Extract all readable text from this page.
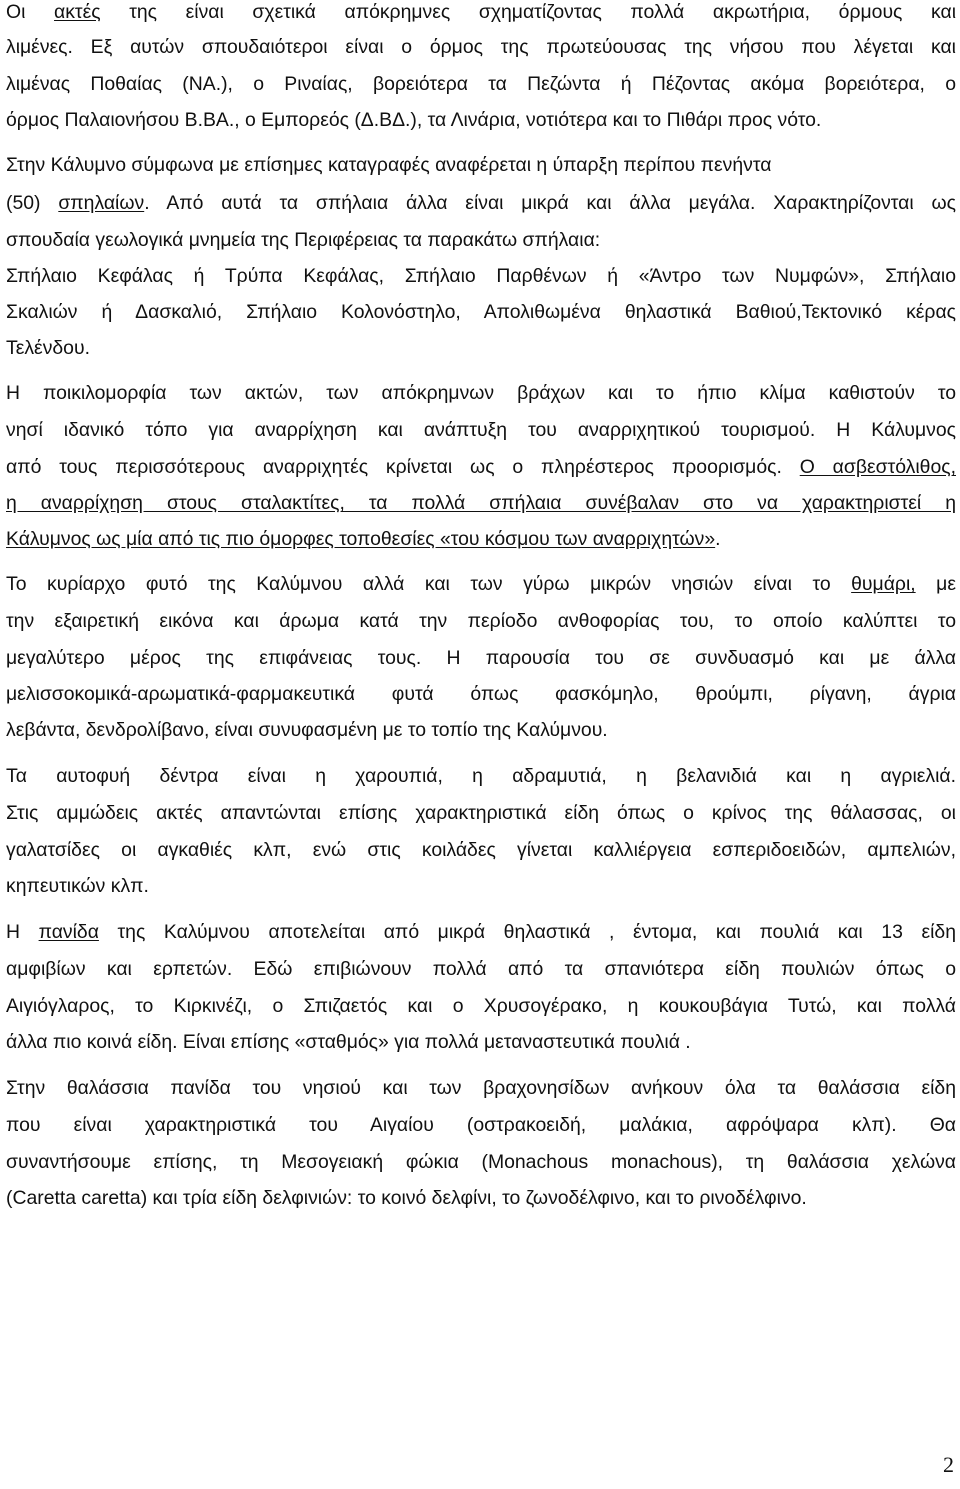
Οι ακτές της είναι σχετικά απόκρημνες σχηματίζοντας πολλά ακρωτήρια, όρμους και
λιμένες. Εξ αυτών σπουδαιότεροι είναι ο όρμος της πρωτεύουσας της νήσου που λέγεται και
λιμένας Ποθαίας (ΝΑ.), ο Ριναίας, βορειότερα τα Πεζώντα ή Πέζοντας ακόμα βορειότερα, ο
όρμος Παλαιονήσου Β.ΒΑ., ο Εμπορεός (Δ.ΒΔ.), τα Λινάρια, νοτιότερα και το Πιθάρι προς νότο.
Στην Κάλυμνο σύμφωνα με επίσημες καταγραφές αναφέρεται η ύπαρξη περίπου πενήντα
(50) σπηλαίων. Από αυτά τα σπήλαια άλλα είναι μικρά και άλλα μεγάλα. Χαρακτηρίζονται ως
σπουδαία γεωλογικά μνημεία της Περιφέρειας τα παρακάτω σπήλαια:
Σπήλαιο Κεφάλας ή Τρύπα Κεφάλας, Σπήλαιο Παρθένων ή «Άντρο των Νυμφών», Σπήλαιο
Σκαλιών ή Δασκαλιό, Σπήλαιο Κολονόστηλο, Απολιθωμένα θηλαστικά Βαθιού,Τεκτονικό κέρας
Τελένδου.
Η ποικιλομορφία των ακτών, των απόκρημνων βράχων και το ήπιο κλίμα καθιστούν το
νησί ιδανικό τόπο για αναρρίχηση και ανάπτυξη του αναρριχητικού τουρισμού. Η Κάλυμνος
από τους περισσότερους αναρριχητές κρίνεται ως ο πληρέστερος προορισμός. Ο ασβεστόλιθος,
η αναρρίχηση στους σταλακτίτες, τα πολλά σπήλαια συνέβαλαν στο να χαρακτηριστεί η
Κάλυμνος ως μία από τις πιο όμορφες τοποθεσίες «του κόσμου των αναρριχητών».
Το κυρίαρχο φυτό της Καλύμνου αλλά και των γύρω μικρών νησιών είναι το θυμάρι, με
την εξαιρετική εικόνα και άρωμα κατά την περίοδο ανθοφορίας του, το οποίο καλύπτει το
μεγαλύτερο μέρος της επιφάνειας τους. Η παρουσία του σε συνδυασμό και με άλλα
μελισσοκομικά-αρωματικά-φαρμακευτικά φυτά όπως φασκόμηλο, θρούμπι, ρίγανη, άγρια
λεβάντα, δενδρολίβανο, είναι συνυφασμένη με το τοπίο της Καλύμνου.
Τα αυτοφυή δέντρα είναι η χαρουπιά, η αδραμυτιά, η βελανιδιά και η αγριελιά.
Στις αμμώδεις ακτές απαντώνται επίσης χαρακτηριστικά είδη όπως ο κρίνος της θάλασσας, οι
γαλατσίδες οι αγκαθιές κλπ, ενώ στις κοιλάδες γίνεται καλλιέργεια εσπεριδοειδών, αμπελιών,
κηπευτικών κλπ.
Η πανίδα της Καλύμνου αποτελείται από μικρά θηλαστικά , έντομα, και πουλιά και 13 είδη
αμφιβίων και ερπετών. Εδώ επιβιώνουν πολλά από τα σπανιότερα είδη πουλιών όπως ο
Αιγιόγλαρος, το Κιρκινέζι, ο Σπιζαετός και ο Χρυσογέρακο, η κουκουβάγια Τυτώ, και πολλά
άλλα πιο κοινά είδη. Είναι επίσης «σταθμός» για πολλά μεταναστευτικά πουλιά .
Στην θαλάσσια πανίδα του νησιού και των βραχονησίδων ανήκουν όλα τα θαλάσσια είδη
που είναι χαρακτηριστικά του Αιγαίου (οστρακοειδή, μαλάκια, αφρόψαρα κλπ). Θα
συναντήσουμε επίσης, τη Μεσογειακή φώκια (Monachous monachous), τη θαλάσσια χελώνα
(Caretta caretta) και τρία είδη δελφινιών: το κοινό δελφίνι, το ζωνοδέλφινο, και το ρινοδέλφινο.
2
